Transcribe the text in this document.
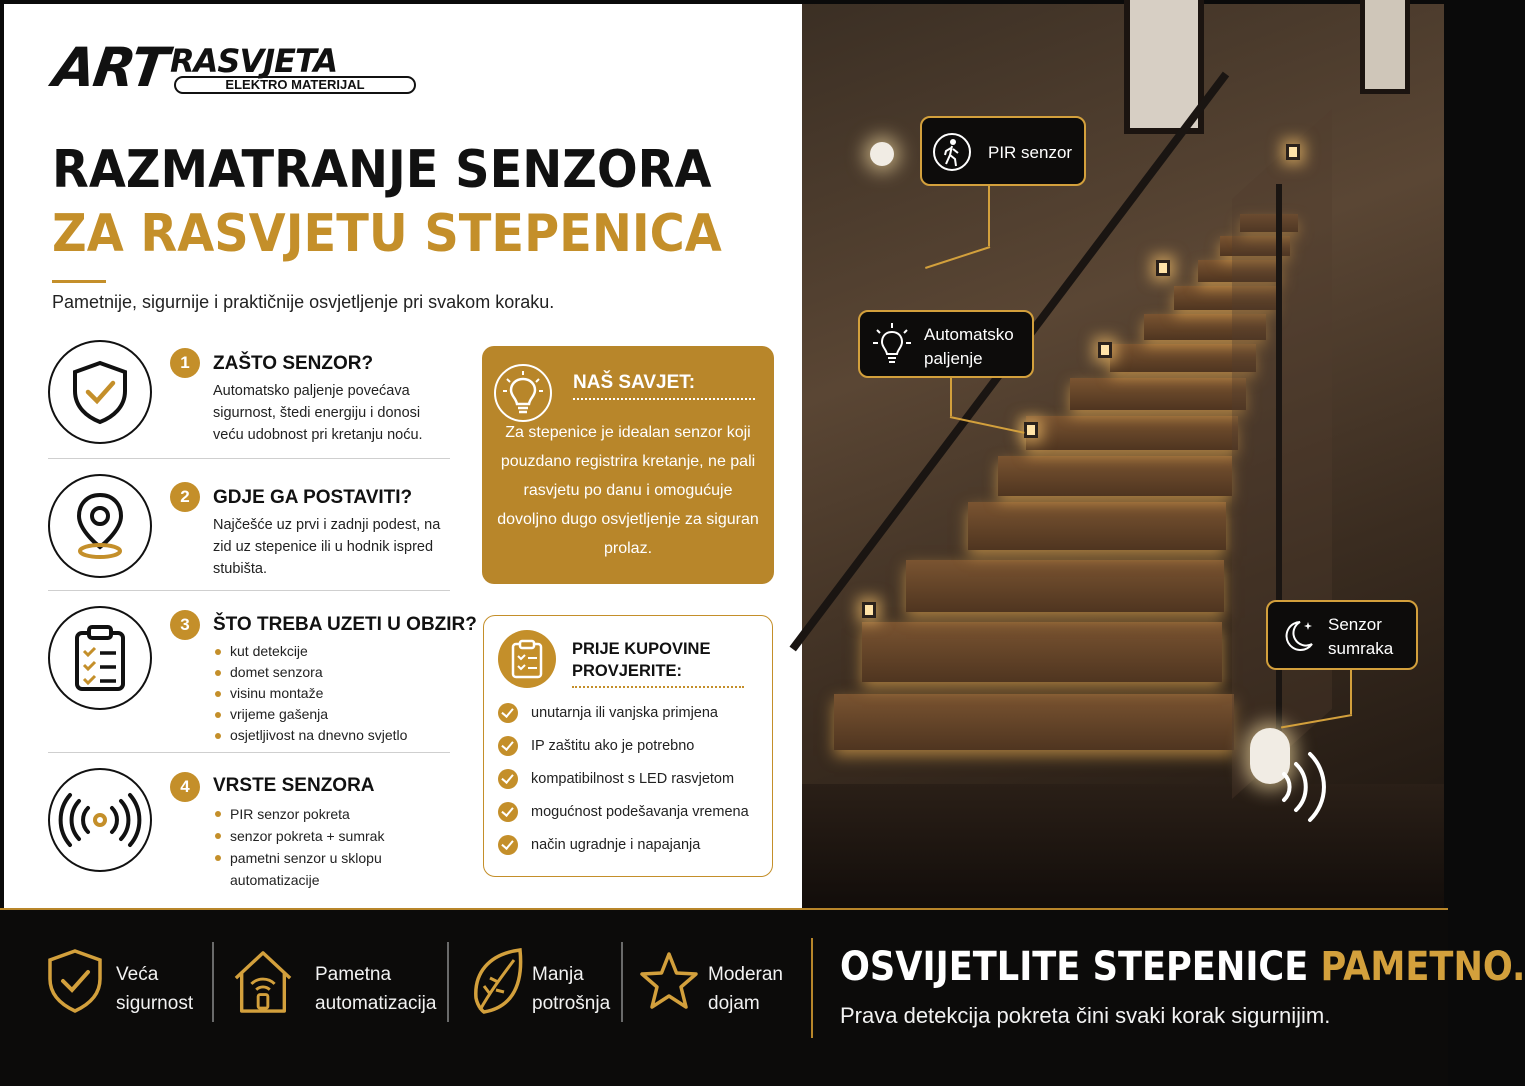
ART RASVJETA
ELEKTRO MATERIJAL
RAZMATRANJE SENZORA
ZA RASVJETU STEPENICA
Pametnije, sigurnije i praktičnije osvjetljenje pri svakom koraku.
1	ZAŠTO SENZOR?
Automatsko paljenje povećava sigurnost, štedi energiju i donosi veću udobnost pri kretanju noću.
2	GDJE GA POSTAVITI?
Najčešće uz prvi i zadnji podest, na zid uz stepenice ili u hodnik ispred stubišta.
3	ŠTO TREBA UZETI U OBZIR?
kut detekcije
domet senzora
visinu montaže
vrijeme gašenja
osjetljivost na dnevno svjetlo
4	VRSTE SENZORA
PIR senzor pokreta
senzor pokreta + sumrak
pametni senzor u sklopu automatizacije
NAŠ SAVJET:
Za stepenice je idealan senzor koji pouzdano registrira kretanje, ne pali rasvjetu po danu i omogućuje dovoljno dugo osvjetljenje za siguran prolaz.
PRIJE KUPOVINE PROVJERITE:
unutarnja ili vanjska primjena
IP zaštitu ako je potrebno
kompatibilnost s LED rasvjetom
mogućnost podešavanja vremena
način ugradnje i napajanja
PIR senzor
Automatsko
paljenje
Senzor
sumraka
Veća
sigurnost
Pametna
automatizacija
Manja
potrošnja
Moderan
dojam
OSVIJETLITE STEPENICE PAMETNO.
Prava detekcija pokreta čini svaki korak sigurnijim.
